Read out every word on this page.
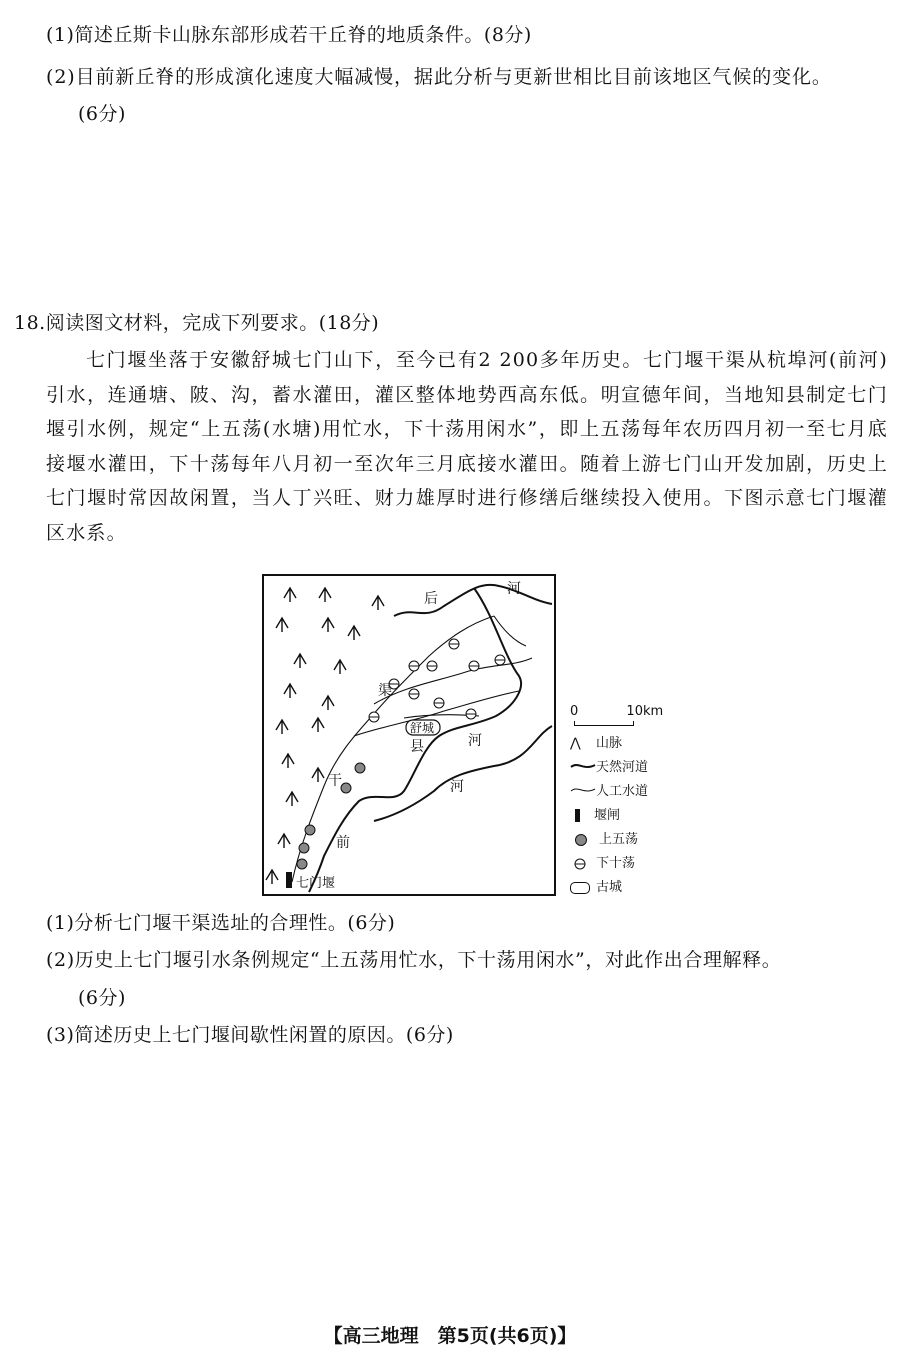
(1)简述丘斯卡山脉东部形成若干丘脊的地质条件。(8分)
(2)目前新丘脊的形成演化速度大幅减慢，据此分析与更新世相比目前该地区气候的变化。
(6分)
18.阅读图文材料，完成下列要求。(18分)
七门堰坐落于安徽舒城七门山下，至今已有2 200多年历史。七门堰干渠从杭埠河(前河)引水，连通塘、陂、沟，蓄水灌田，灌区整体地势西高东低。明宣德年间，当地知县制定七门堰引水例，规定“上五荡(水塘)用忙水，下十荡用闲水”，即上五荡每年农历四月初一至七月底接堰水灌田，下十荡每年八月初一至次年三月底接水灌田。随着上游七门山开发加剧，历史上七门堰时常因故闲置，当人丁兴旺、财力雄厚时进行修缮后继续投入使用。下图示意七门堰灌区水系。
后
河
渠
舒城
县	河
河
干
前
七门堰
0	10km
⋀ 山脉
天然河道
人工水道
堰闸
上五荡
下十荡
古城
(1)分析七门堰干渠选址的合理性。(6分)
(2)历史上七门堰引水条例规定“上五荡用忙水，下十荡用闲水”，对此作出合理解释。
(6分)
(3)简述历史上七门堰间歇性闲置的原因。(6分)
【高三地理　第5页(共6页)】
